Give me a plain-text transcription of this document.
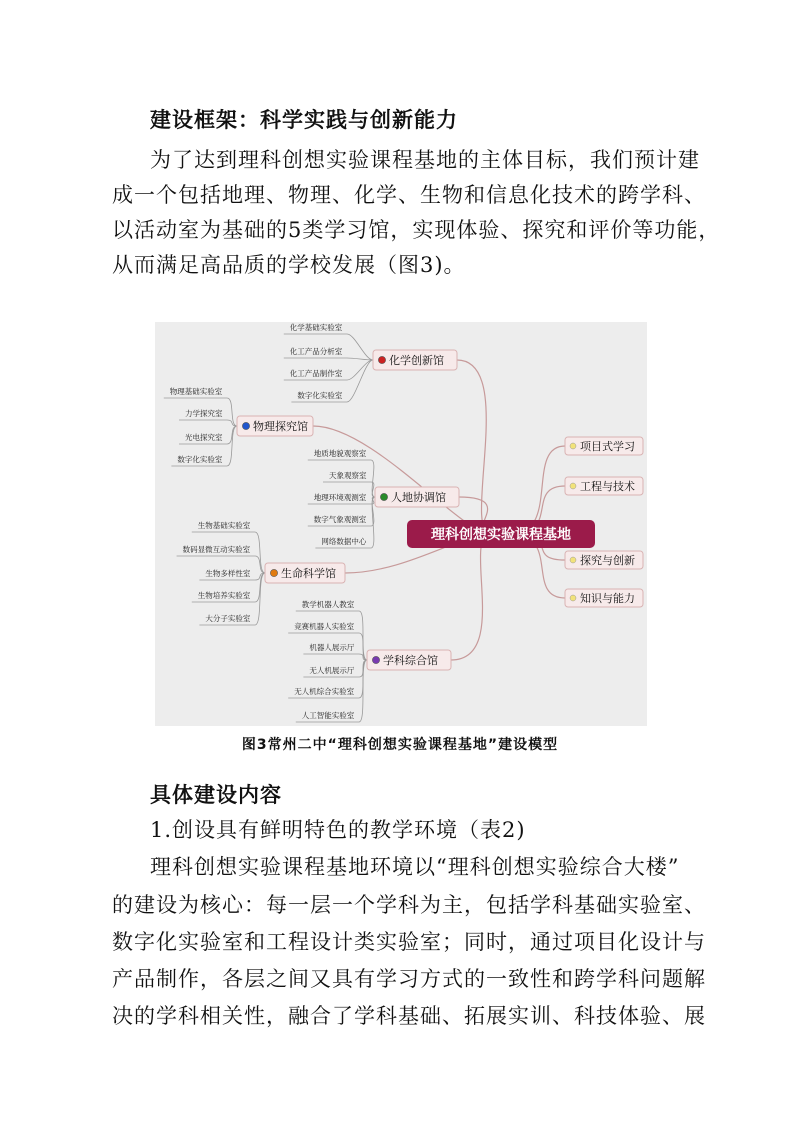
建设框架：科学实践与创新能力

为了达到理科创想实验课程基地的主体目标，我们预计建

成一个包括地理、物理、化学、生物和信息化技术的跨学科、

以活动室为基础的5类学习馆，实现体验、探究和评价等功能，

从而满足高品质的学校发展（图3)。

化学基础实验室
化工产品分析室
化工产品制作室
数字化实验室
化学创新馆
物理基础实验室
力学探究室
光电探究室
数字化实验室
物理探究馆
地质地貌观察室
天象观察室
地理环境观测室
数字气象观测室
网络数据中心
人地协调馆
生物基础实验室
数码显微互动实验室
生物多样性室
生物培养实验室
大分子实验室
生命科学馆
教学机器人教室
竞赛机器人实验室
机器人展示厅
无人机展示厅
无人机综合实验室
人工智能实验室
学科综合馆
项目式学习
工程与技术
探究与创新
知识与能力
理科创想实验课程基地
图3常州二中“理科创想实验课程基地”建设模型

具体建设内容

1.创设具有鲜明特色的教学环境（表2)

理科创想实验课程基地环境以“理科创想实验综合大楼”

的建设为核心：每一层一个学科为主，包括学科基础实验室、

数字化实验室和工程设计类实验室；同时，通过项目化设计与

产品制作，各层之间又具有学习方式的一致性和跨学科问题解

决的学科相关性，融合了学科基础、拓展实训、科技体验、展
